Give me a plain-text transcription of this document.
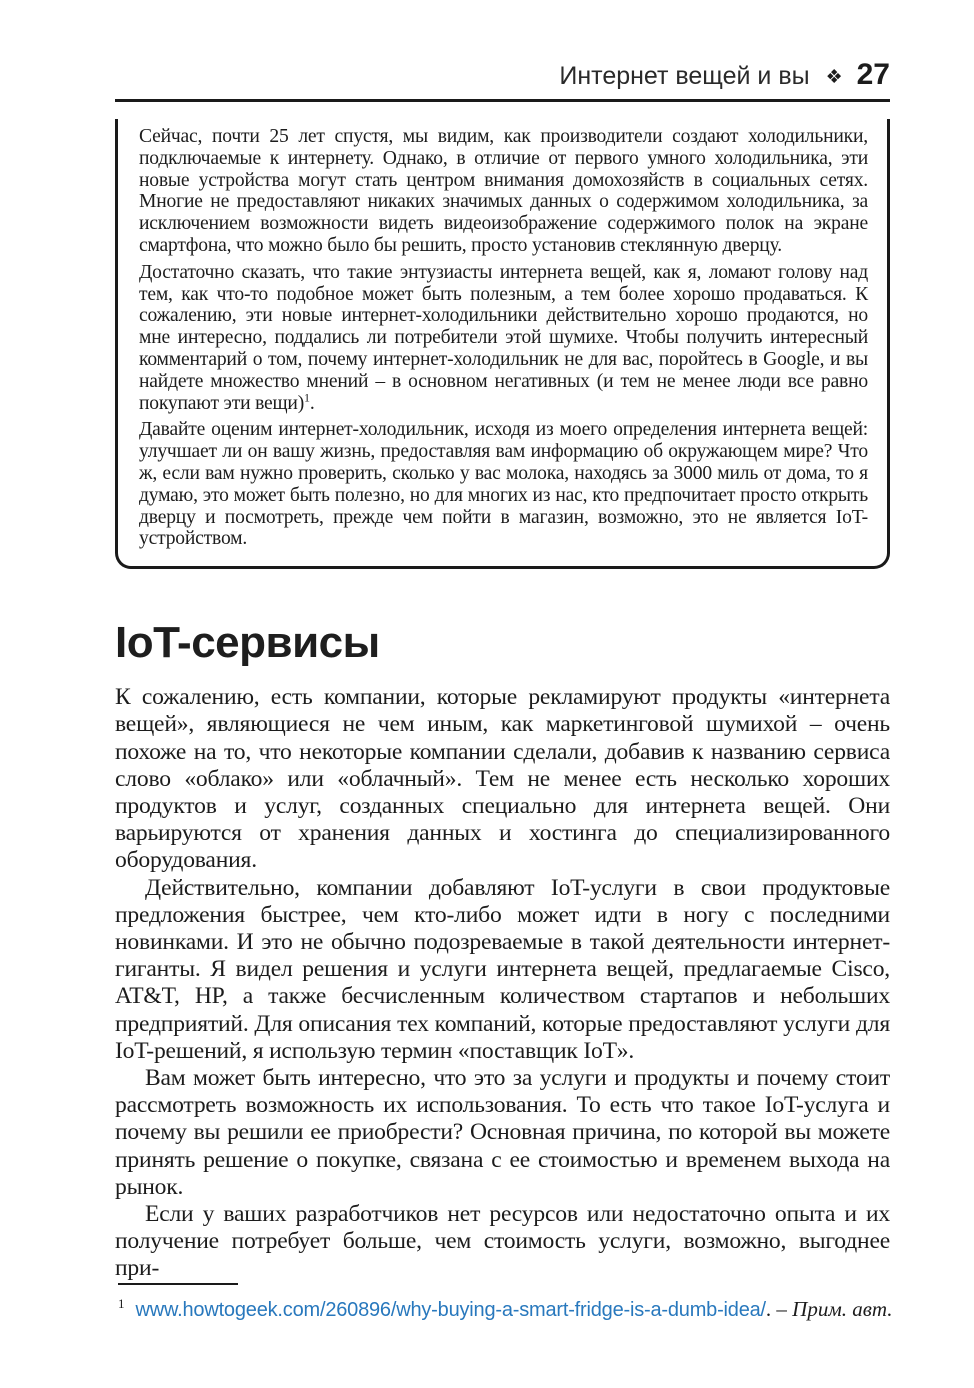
Интернет вещей и вы ❖ 27

Сейчас, почти 25 лет спустя, мы видим, как производители создают холодильники, подключаемые к интернету. Однако, в отличие от первого умного холодильника, эти новые устройства могут стать центром внимания домохозяйств в социальных сетях. Многие не предоставляют никаких значимых данных о содержимом холодильника, за исключением возможности видеть видеоизображение содержимого полок на экране смартфона, что можно было бы решить, просто установив стеклянную дверцу.

Достаточно сказать, что такие энтузиасты интернета вещей, как я, ломают голову над тем, как что-то подобное может быть полезным, а тем более хорошо продаваться. К сожалению, эти новые интернет-холодильники действительно хорошо продаются, но мне интересно, поддались ли потребители этой шумихе. Чтобы получить интересный комментарий о том, почему интернет-холодильник не для вас, поройтесь в Google, и вы найдете множество мнений – в основном негативных (и тем не менее люди все равно покупают эти вещи)$^1$.

Давайте оценим интернет-холодильник, исходя из моего определения интернета вещей: улучшает ли он вашу жизнь, предоставляя вам информацию об окружающем мире? Что ж, если вам нужно проверить, сколько у вас молока, находясь за 3000 миль от дома, то я думаю, это может быть полезно, но для многих из нас, кто предпочитает просто открыть дверцу и посмотреть, прежде чем пойти в магазин, возможно, это не является IoT-устройством.

IoT-сервисы

К сожалению, есть компании, которые рекламируют продукты «интернета вещей», являющиеся не чем иным, как маркетинговой шумихой – очень похоже на то, что некоторые компании сделали, добавив к названию сервиса слово «облако» или «облачный». Тем не менее есть несколько хороших продуктов и услуг, созданных специально для интернета вещей. Они варьируются от хранения данных и хостинга до специализированного оборудования.

Действительно, компании добавляют IoT-услуги в свои продуктовые предложения быстрее, чем кто-либо может идти в ногу с последними новинками. И это не обычно подозреваемые в такой деятельности интернет-гиганты. Я видел решения и услуги интернета вещей, предлагаемые Cisco, AT&T, HP, а также бесчисленным количеством стартапов и небольших предприятий. Для описания тех компаний, которые предоставляют услуги для IoT-решений, я использую термин «поставщик IoT».

Вам может быть интересно, что это за услуги и продукты и почему стоит рассмотреть возможность их использования. То есть что такое IoT-услуга и почему вы решили ее приобрести? Основная причина, по которой вы можете принять решение о покупке, связана с ее стоимостью и временем выхода на рынок.

Если у ваших разработчиков нет ресурсов или недостаточно опыта и их получение потребует больше, чем стоимость услуги, возможно, выгоднее при-

$^1$ www.howtogeek.com/260896/why-buying-a-smart-fridge-is-a-dumb-idea/. – Прим. авт.
